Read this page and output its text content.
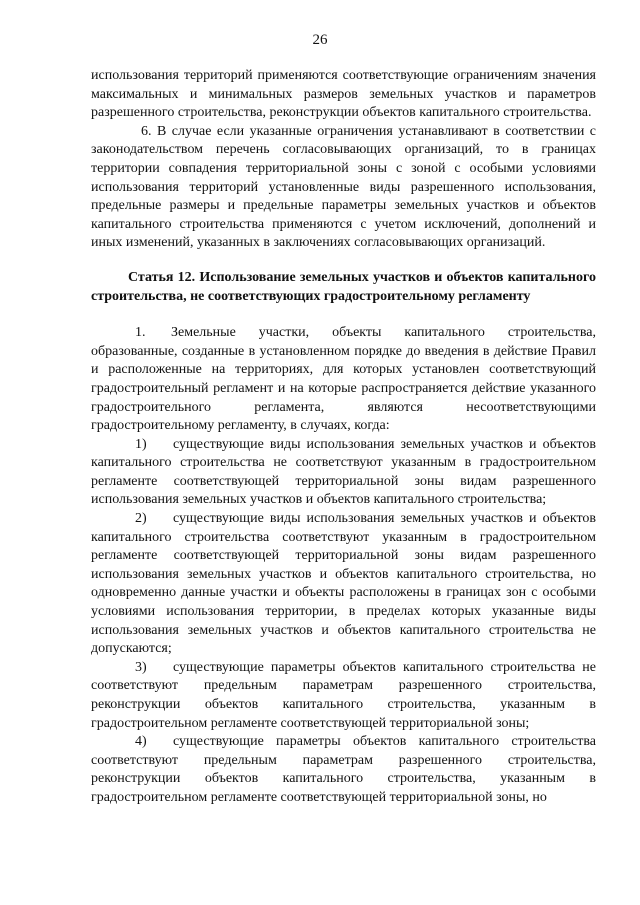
26

использования территорий применяются соответствующие ограничениям значения максимальных и минимальных размеров земельных участков и параметров разрешенного строительства, реконструкции объектов капитального строительства.

6. В случае если указанные ограничения устанавливают в соответствии с законодательством перечень согласовывающих организаций, то в границах территории совпадения территориальной зоны с зоной с особыми условиями использования территорий установленные виды разрешенного использования, предельные размеры и предельные параметры земельных участков и объектов капитального строительства применяются с учетом исключений, дополнений и иных изменений, указанных в заключениях согласовывающих организаций.

Статья 12. Использование земельных участков и объектов капитального строительства, не соответствующих градостроительному регламенту

1. Земельные участки, объекты капитального строительства, образованные, созданные в установленном порядке до введения в действие Правил и расположенные на территориях, для которых установлен соответствующий градостроительный регламент и на которые распространяется действие указанного градостроительного регламента, являются несоответствующими градостроительному регламенту, в случаях, когда:

1) существующие виды использования земельных участков и объектов капитального строительства не соответствуют указанным в градостроительном регламенте соответствующей территориальной зоны видам разрешенного использования земельных участков и объектов капитального строительства;

2) существующие виды использования земельных участков и объектов капитального строительства соответствуют указанным в градостроительном регламенте соответствующей территориальной зоны видам разрешенного использования земельных участков и объектов капитального строительства, но одновременно данные участки и объекты расположены в границах зон с особыми условиями использования территории, в пределах которых указанные виды использования земельных участков и объектов капитального строительства не допускаются;

3) существующие параметры объектов капитального строительства не соответствуют предельным параметрам разрешенного строительства, реконструкции объектов капитального строительства, указанным в градостроительном регламенте соответствующей территориальной зоны;

4) существующие параметры объектов капитального строительства соответствуют предельным параметрам разрешенного строительства, реконструкции объектов капитального строительства, указанным в градостроительном регламенте соответствующей территориальной зоны, но
